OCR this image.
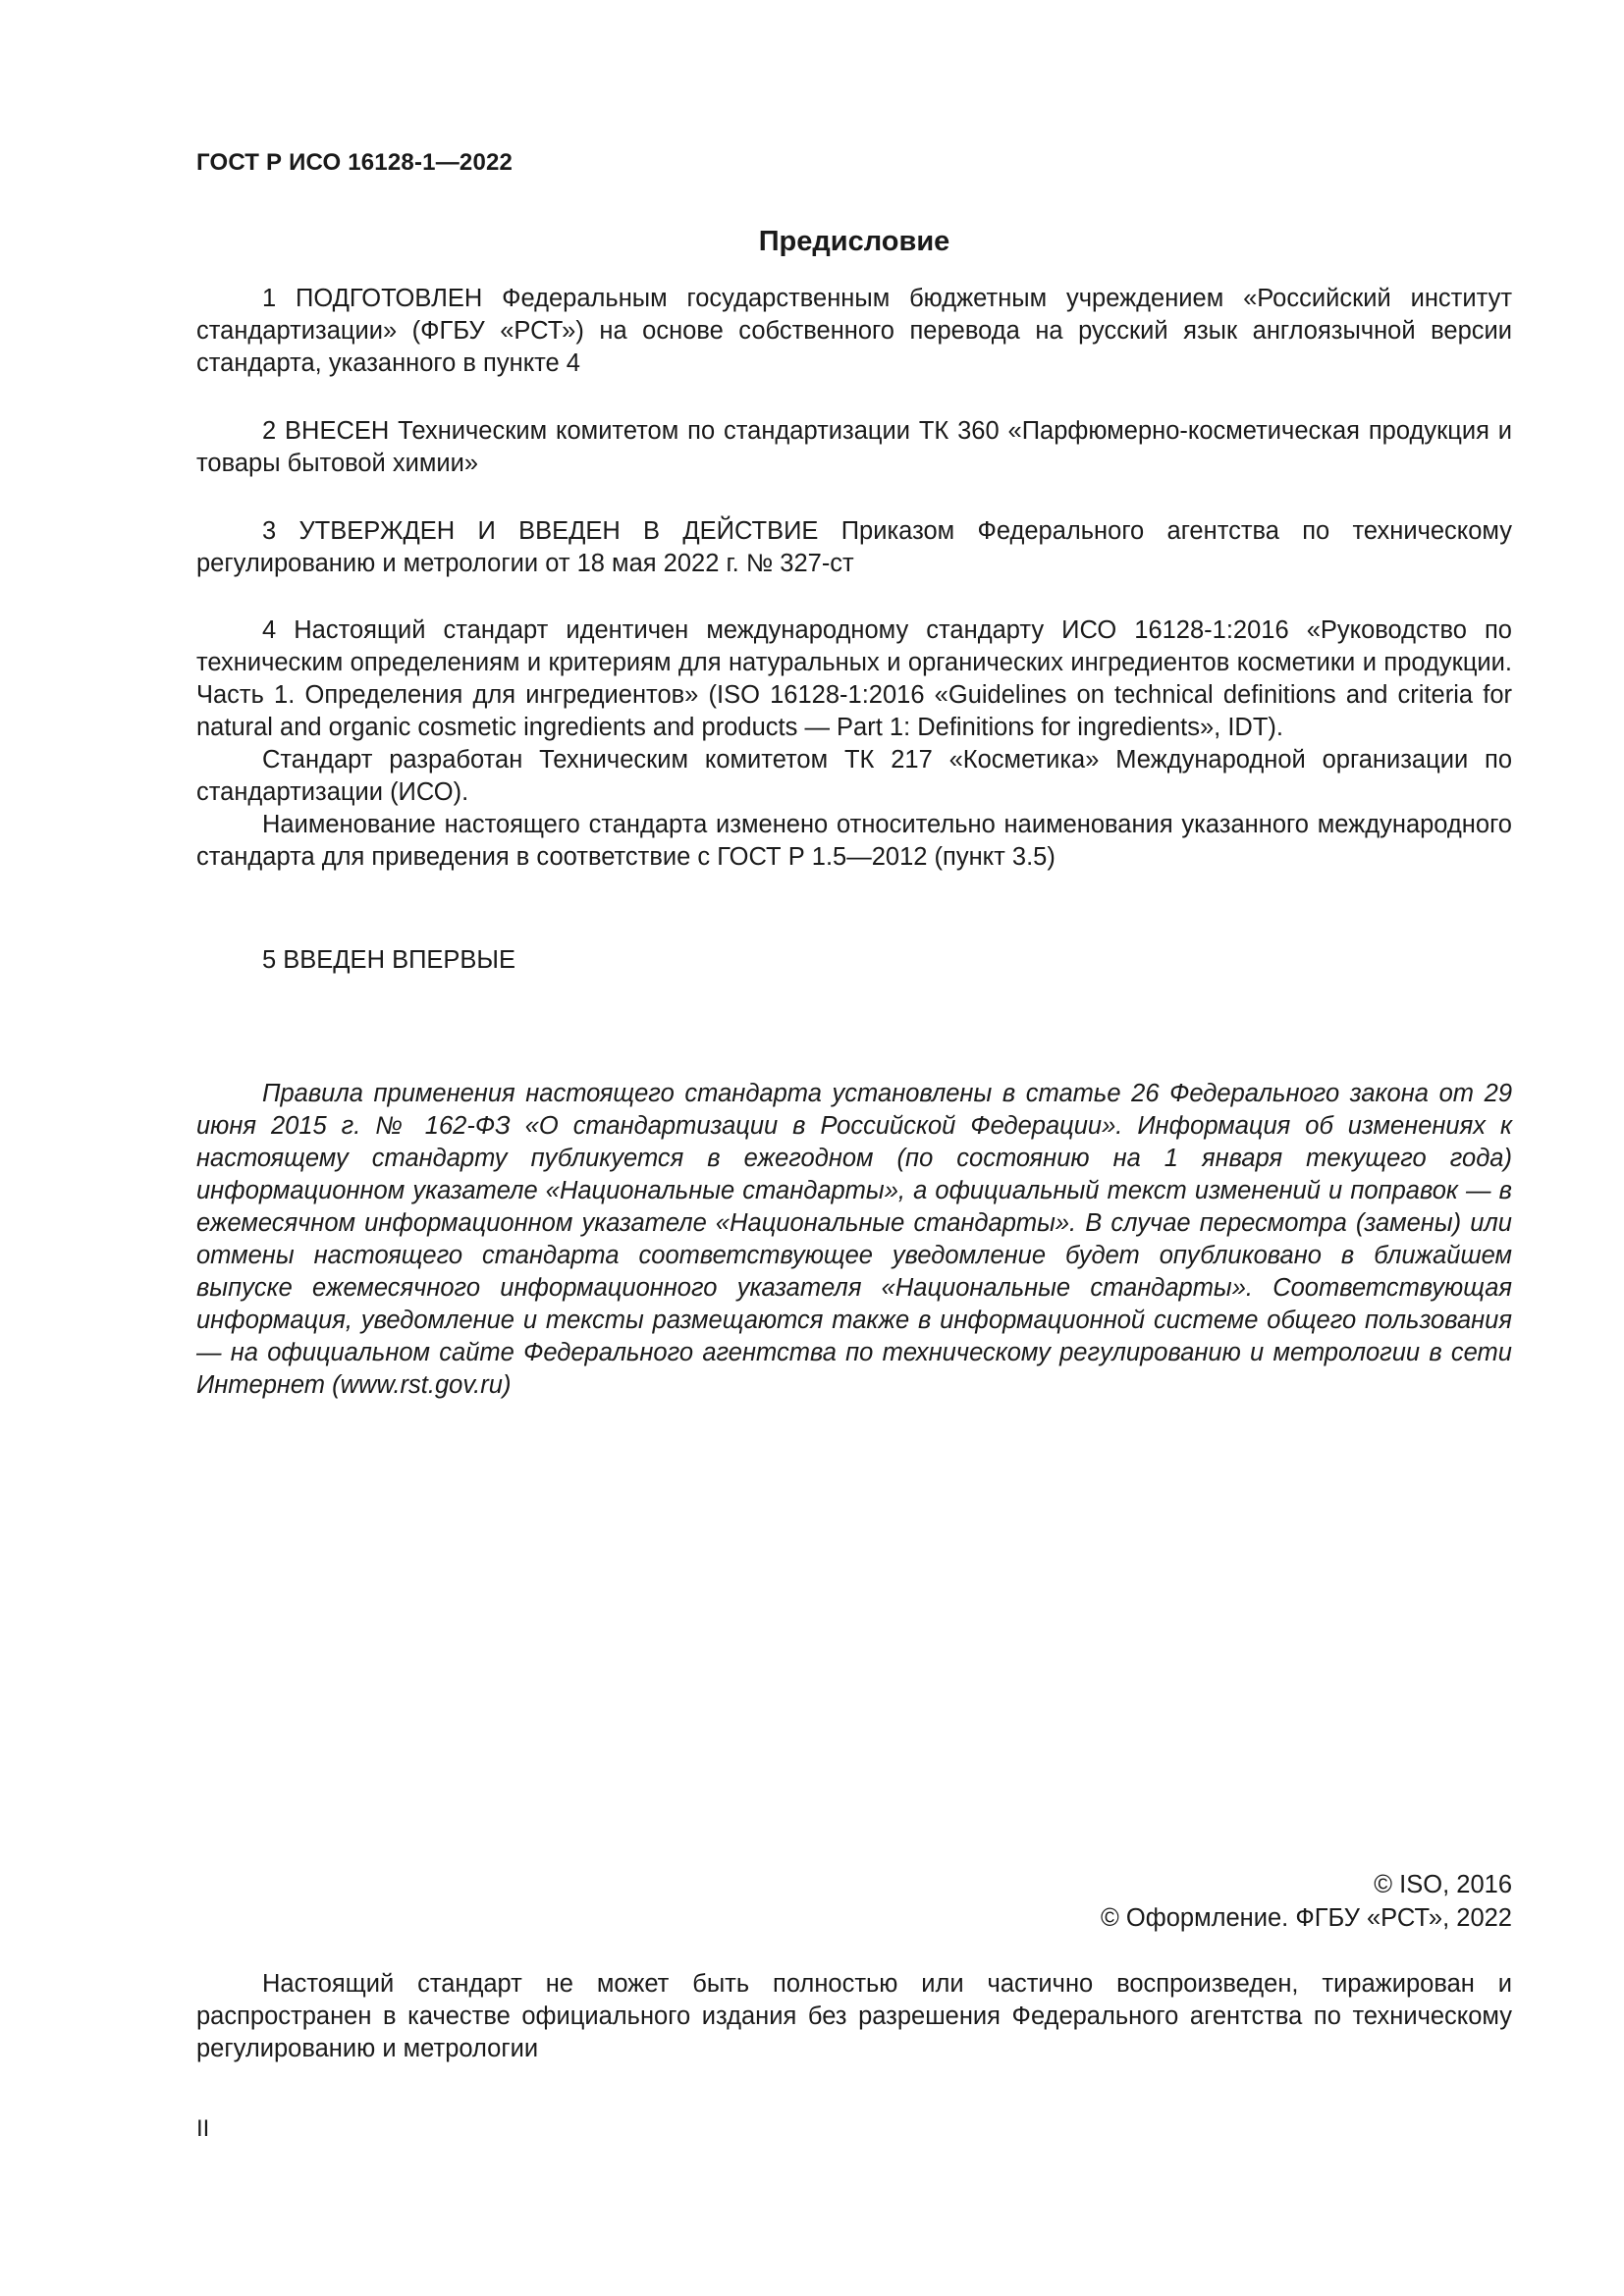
ГОСТ Р ИСО 16128-1—2022
Предисловие

1 ПОДГОТОВЛЕН Федеральным государственным бюджетным учреждением «Российский институт стандартизации» (ФГБУ «РСТ») на основе собственного перевода на русский язык англоязычной версии стандарта, указанного в пункте 4

2 ВНЕСЕН Техническим комитетом по стандартизации ТК 360 «Парфюмерно-косметическая продукция и товары бытовой химии»

3 УТВЕРЖДЕН И ВВЕДЕН В ДЕЙСТВИЕ Приказом Федерального агентства по техническому регулированию и метрологии от 18 мая 2022 г. № 327-ст

4 Настоящий стандарт идентичен международному стандарту ИСО 16128-1:2016 «Руководство по техническим определениям и критериям для натуральных и органических ингредиентов косметики и продукции. Часть 1. Определения для ингредиентов» (ISO 16128-1:2016 «Guidelines on technical definitions and criteria for natural and organic cosmetic ingredients and products — Part 1: Definitions for ingredients», IDT).

Стандарт разработан Техническим комитетом ТК 217 «Косметика» Международной организации по стандартизации (ИСО).

Наименование настоящего стандарта изменено относительно наименования указанного международного стандарта для приведения в соответствие с ГОСТ Р 1.5—2012 (пункт 3.5)

5 ВВЕДЕН ВПЕРВЫЕ

Правила применения настоящего стандарта установлены в статье 26 Федерального закона от 29 июня 2015 г. № 162-ФЗ «О стандартизации в Российской Федерации». Информация об изменениях к настоящему стандарту публикуется в ежегодном (по состоянию на 1 января текущего года) информационном указателе «Национальные стандарты», а официальный текст изменений и поправок — в ежемесячном информационном указателе «Национальные стандарты». В случае пересмотра (замены) или отмены настоящего стандарта соответствующее уведомление будет опубликовано в ближайшем выпуске ежемесячного информационного указателя «Национальные стандарты». Соответствующая информация, уведомление и тексты размещаются также в информационной системе общего пользования — на официальном сайте Федерального агентства по техническому регулированию и метрологии в сети Интернет (www.rst.gov.ru)
© ISO, 2016
© Оформление. ФГБУ «РСТ», 2022
Настоящий стандарт не может быть полностью или частично воспроизведен, тиражирован и распространен в качестве официального издания без разрешения Федерального агентства по техническому регулированию и метрологии
II
